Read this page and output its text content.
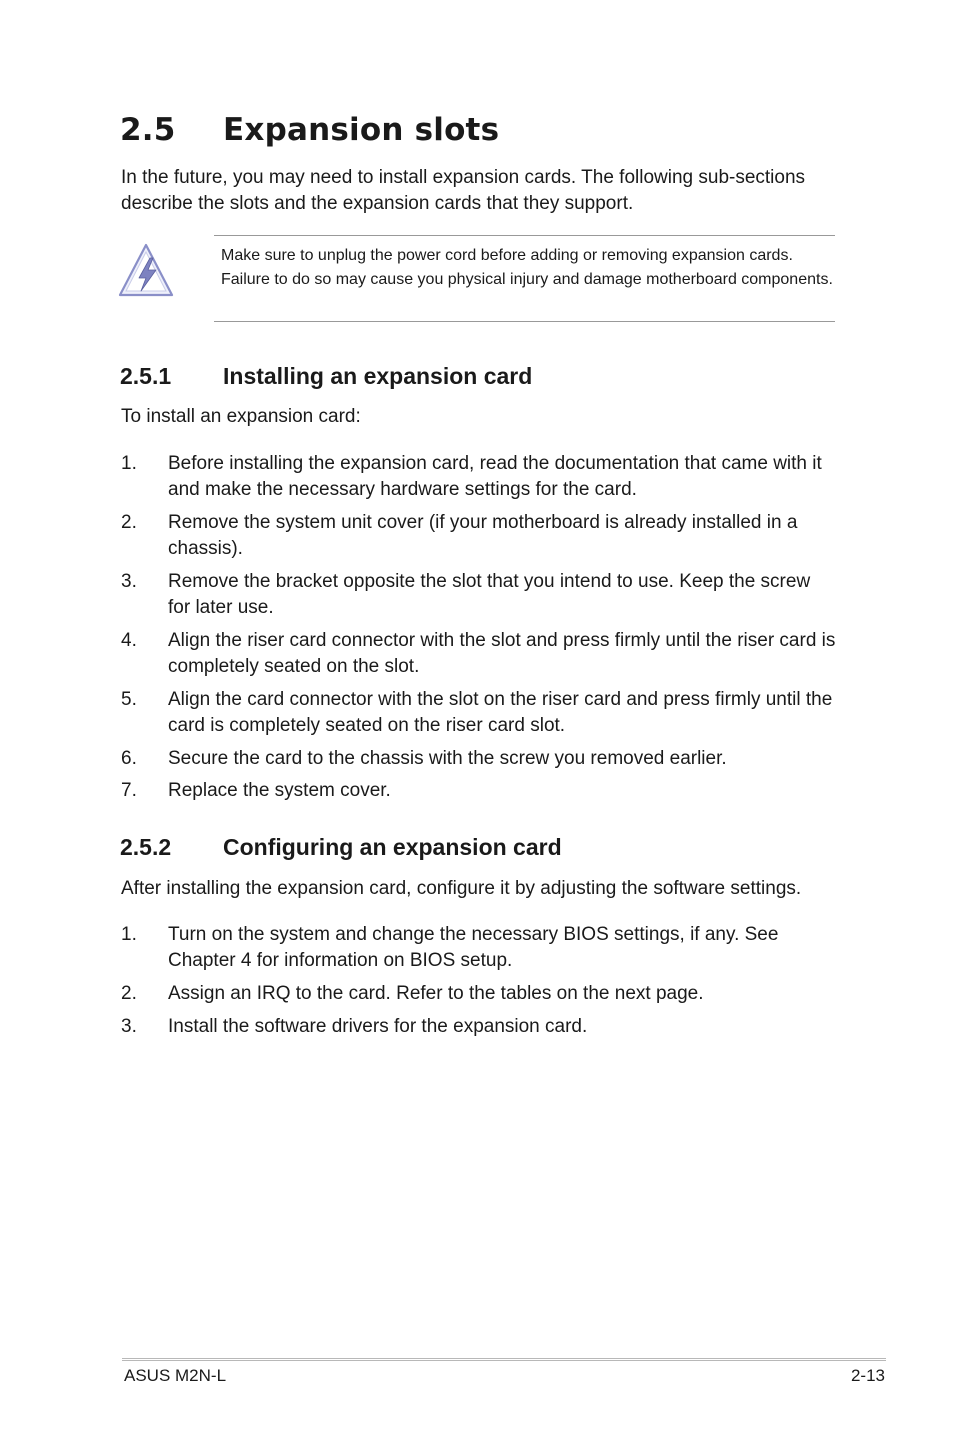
2.5 Expansion slots
In the future, you may need to install expansion cards. The following sub-sections describe the slots and the expansion cards that they support.
Make sure to unplug the power cord before adding or removing expansion cards. Failure to do so may cause you physical injury and damage motherboard components.
2.5.1 Installing an expansion card
To install an expansion card:
1. Before installing the expansion card, read the documentation that came with it and make the necessary hardware settings for the card.
2. Remove the system unit cover (if your motherboard is already installed in a chassis).
3. Remove the bracket opposite the slot that you intend to use. Keep the screw for later use.
4. Align the riser card connector with the slot and press firmly until the riser card is completely seated on the slot.
5. Align the card connector with the slot on the riser card and press firmly until the card is completely seated on the riser card slot.
6. Secure the card to the chassis with the screw you removed earlier.
7. Replace the system cover.
2.5.2 Configuring an expansion card
After installing the expansion card, configure it by adjusting the software settings.
1. Turn on the system and change the necessary BIOS settings, if any. See Chapter 4 for information on BIOS setup.
2. Assign an IRQ to the card. Refer to the tables on the next page.
3. Install the software drivers for the expansion card.
ASUS M2N-L	2-13
